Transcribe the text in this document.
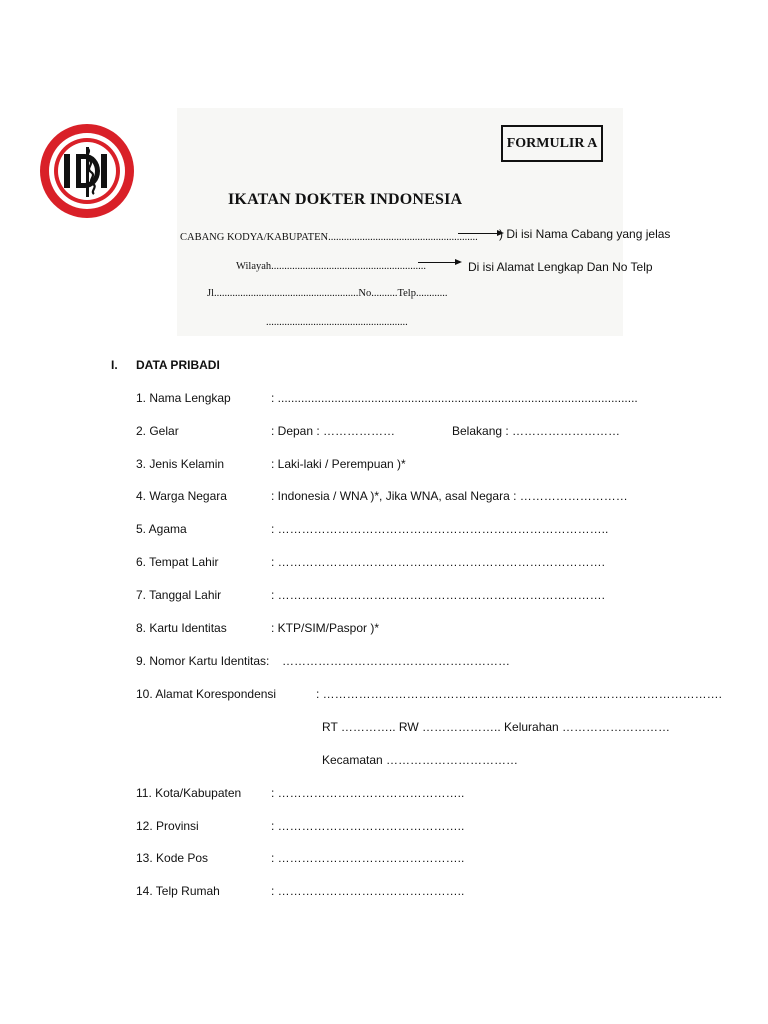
FORMULIR A
IKATAN DOKTER INDONESIA
CABANG KODYA/KABUPATEN......................................................... ) Di isi Nama Cabang yang jelas
Wilayah...........................................................	Di isi Alamat Lengkap Dan No Telp
Jl.......................................................No..........Telp............
......................................................
I. DATA PRIBADI
1. Nama Lengkap	: ............................................................................................................
2. Gelar	: Depan : ………………	Belakang : ………………………
3. Jenis Kelamin	: Laki-laki / Perempuan )*
4. Warga Negara	: Indonesia / WNA )*, Jika WNA, asal Negara : ………………………
5. Agama	: ………………………………………………………………………..
6. Tempat Lahir	: ……………………………………………………………………….
7. Tanggal Lahir	: ……………………………………………………………………….
8. Kartu Identitas	: KTP/SIM/Paspor )*
9. Nomor Kartu Identitas: …………………………………………………
10. Alamat Korespondensi	: ……………………………………………………………………………………….
RT ………….. RW ……………….. Kelurahan ………………………
Kecamatan ……………………………
11. Kota/Kabupaten : ………………………………………..
12. Provinsi	: ………………………………………..
13. Kode Pos	: ………………………………………..
14. Telp Rumah	: ………………………………………..
